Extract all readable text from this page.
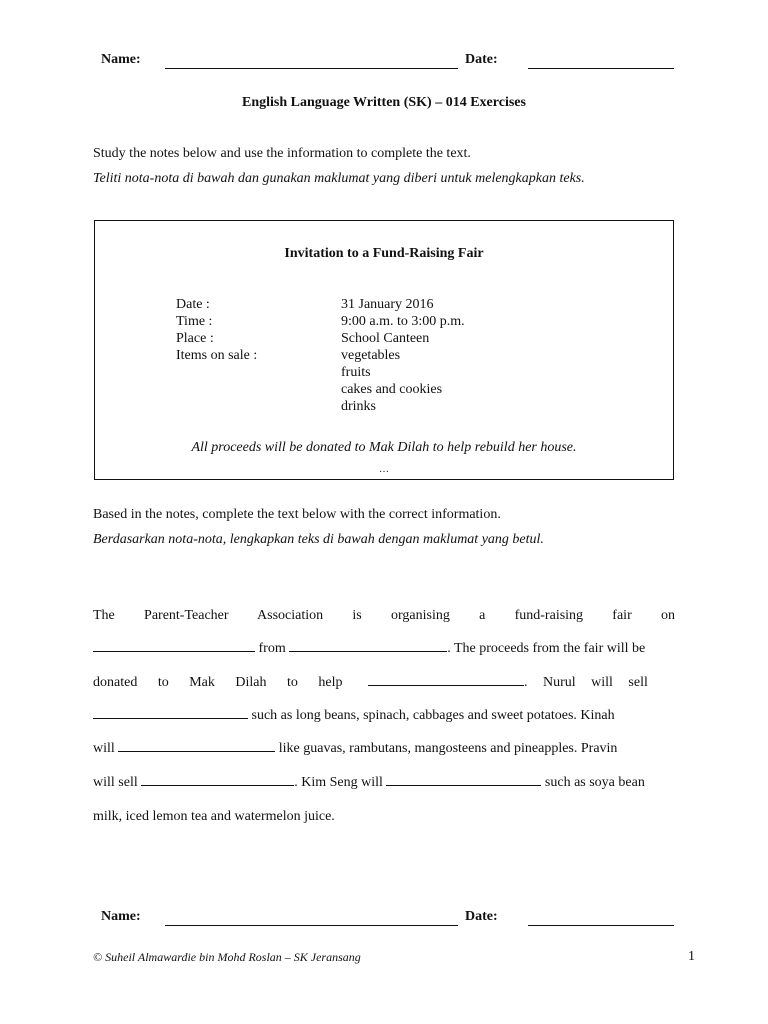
Name:	Date:
English Language Written (SK) – 014 Exercises
Study the notes below and use the information to complete the text.
Teliti nota-nota di bawah dan gunakan maklumat yang diberi untuk melengkapkan teks.
Invitation to a Fund-Raising Fair
Date :	31 January 2016
Time :	9:00 a.m. to 3:00 p.m.
Place :	School Canteen
Items on sale :	vegetables
fruits
cakes and cookies
drinks
All proceeds will be donated to Mak Dilah to help rebuild her house.
…
Based in the notes, complete the text below with the correct information.
Berdasarkan nota-nota, lengkapkan teks di bawah dengan maklumat yang betul.
The Parent-Teacher Association is organising a fund-raising fair on
from	. The proceeds from the fair will be
donated to Mak Dilah to help	. Nurul will sell
such as long beans, spinach, cabbages and sweet potatoes. Kinah
will	like guavas, rambutans, mangosteens and pineapples. Pravin
will sell	. Kim Seng will	such as soya bean
milk, iced lemon tea and watermelon juice.
Name:	Date:
© Suheil Almawardie bin Mohd Roslan – SK Jeransang	1
